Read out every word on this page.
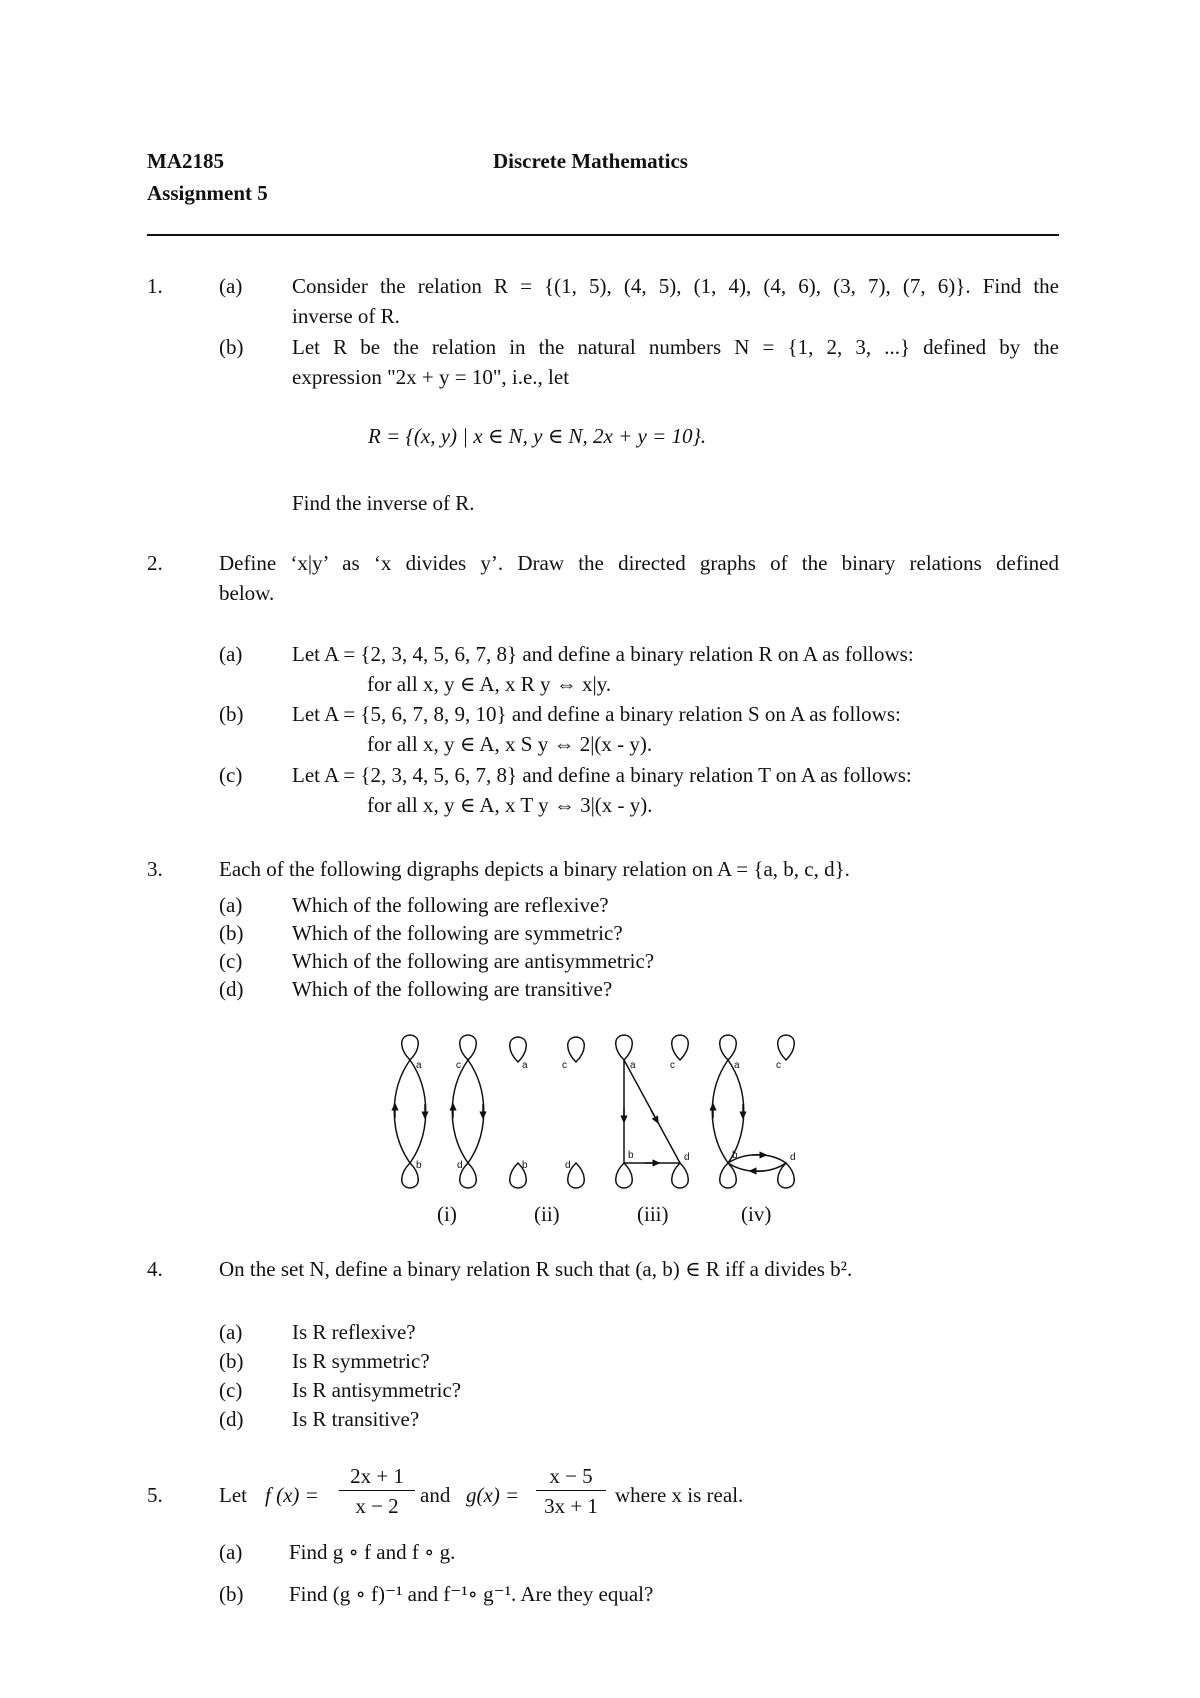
MA2185	Discrete Mathematics
Assignment 5
1.	(a) Consider the relation R = {(1, 5), (4, 5), (1, 4), (4, 6), (3, 7), (7, 6)}. Find the
inverse of R.
(b) Let R be the relation in the natural numbers N = {1, 2, 3, ...} defined by the
expression "2x + y = 10", i.e., let
R = {(x, y) | x ∈ N, y ∈ N, 2x + y = 10}.
Find the inverse of R.
2.	Define ‘x|y’ as ‘x divides y’. Draw the directed graphs of the binary relations defined
below.
(a) Let A = {2, 3, 4, 5, 6, 7, 8} and define a binary relation R on A as follows:
for all x, y ∈ A, x R y ⇔ x|y.
(b) Let A = {5, 6, 7, 8, 9, 10} and define a binary relation S on A as follows:
for all x, y ∈ A, x S y ⇔ 2|(x - y).
(c) Let A = {2, 3, 4, 5, 6, 7, 8} and define a binary relation T on A as follows:
for all x, y ∈ A, x T y ⇔ 3|(x - y).
3.	Each of the following digraphs depicts a binary relation on A = {a, b, c, d}.
(a) Which of the following are reflexive?
(b) Which of the following are symmetric?
(c) Which of the following are antisymmetric?
(d) Which of the following are transitive?
a
b
c
d
a
b
c
d
a
b
c
d
a
b
c
d
(i)	(ii)	(iii)	(iv)
4.	On the set N, define a binary relation R such that (a, b) ∈ R iff a divides b².
(a) Is R reflexive?
(b) Is R symmetric?
(c) Is R antisymmetric?
(d) Is R transitive?
5.	Let f $(x) = \frac{2x + 1}{x - 2}$ and $g(x) = \frac{x - 5}{3x + 1}$ where x is real.
(a) Find g ∘ f and f ∘ g.
(b) Find (g ∘ f)⁻¹ and f⁻¹∘ g⁻¹. Are they equal?
